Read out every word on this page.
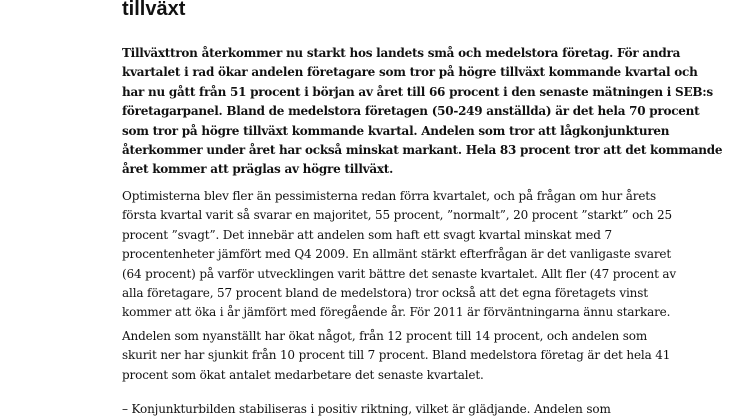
tillväxt
Tillväxttron återkommer nu starkt hos landets små och medelstora företag. För andra
kvartalet i rad ökar andelen företagare som tror på högre tillväxt kommande kvartal och
har nu gått från 51 procent i början av året till 66 procent i den senaste mätningen i SEB:s
företagarpanel. Bland de medelstora företagen (50-249 anställda) är det hela 70 procent
som tror på högre tillväxt kommande kvartal. Andelen som tror att lågkonjunkturen
återkommer under året har också minskat markant. Hela 83 procent tror att det kommande
året kommer att präglas av högre tillväxt.
Optimisterna blev fler än pessimisterna redan förra kvartalet, och på frågan om hur årets
första kvartal varit så svarar en majoritet, 55 procent, ”normalt”, 20 procent ”starkt” och 25
procent ”svagt”. Det innebär att andelen som haft ett svagt kvartal minskat med 7
procentenheter jämfört med Q4 2009. En allmänt stärkt efterfrågan är det vanligaste svaret
(64 procent) på varför utvecklingen varit bättre det senaste kvartalet. Allt fler (47 procent av
alla företagare, 57 procent bland de medelstora) tror också att det egna företagets vinst
kommer att öka i år jämfört med föregående år. För 2011 är förväntningarna ännu starkare.
Andelen som nyanställt har ökat något, från 12 procent till 14 procent, och andelen som
skurit ner har sjunkit från 10 procent till 7 procent. Bland medelstora företag är det hela 41
procent som ökat antalet medarbetare det senaste kvartalet.
– Konjunkturbilden stabiliseras i positiv riktning, vilket är glädjande. Andelen som
